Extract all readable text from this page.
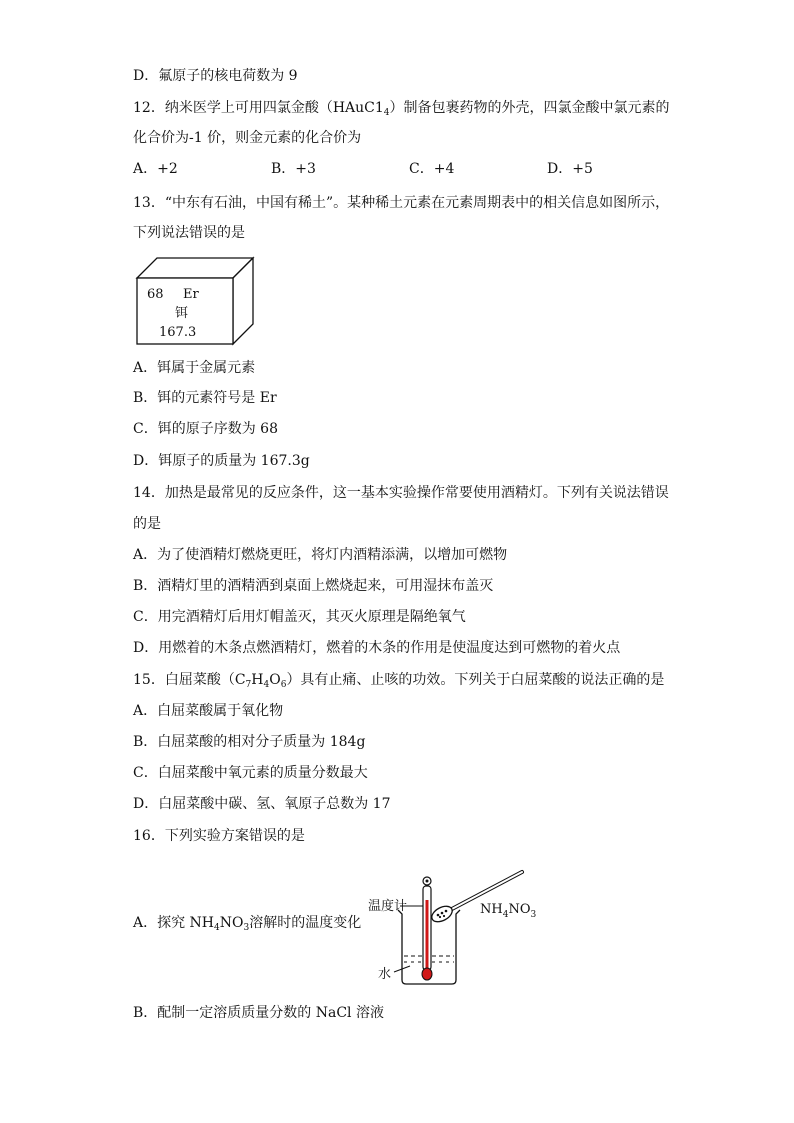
D．氟原子的核电荷数为 9
12．纳米医学上可用四氯金酸$(HAuC1_4)$制备包裹药物的外壳，四氯金酸中氯元素的
化合价为-1 价，则金元素的化合价为
A．+2	B．+3	C．+4	D．+5
13．“中东有石油，中国有稀土”。某种稀土元素在元素周期表中的相关信息如图所示，
下列说法错误的是
68 Er
铒
167.3
A．铒属于金属元素
B．铒的元素符号是 Er
C．铒的原子序数为 68
D．铒原子的质量为 167.3g
14．加热是最常见的反应条件，这一基本实验操作常要使用酒精灯。下列有关说法错误
的是
A．为了使酒精灯燃烧更旺，将灯内酒精添满，以增加可燃物
B．酒精灯里的酒精洒到桌面上燃烧起来，可用湿抹布盖灭
C．用完酒精灯后用灯帽盖灭，其灭火原理是隔绝氧气
D．用燃着的木条点燃酒精灯，燃着的木条的作用是使温度达到可燃物的着火点
15．白屈菜酸$(C_7H_4O_6)$具有止痛、止咳的功效。下列关于白屈菜酸的说法正确的是
A．白屈菜酸属于氧化物
B．白屈菜酸的相对分子质量为 184g
C．白屈菜酸中氧元素的质量分数最大
D．白屈菜酸中碳、氢、氧原子总数为 17
16．下列实验方案错误的是
A．探究 $NH_4NO_3$溶解时的温度变化
温度计
水
$NH_4NO_3$
B．配制一定溶质质量分数的 NaCl 溶液
